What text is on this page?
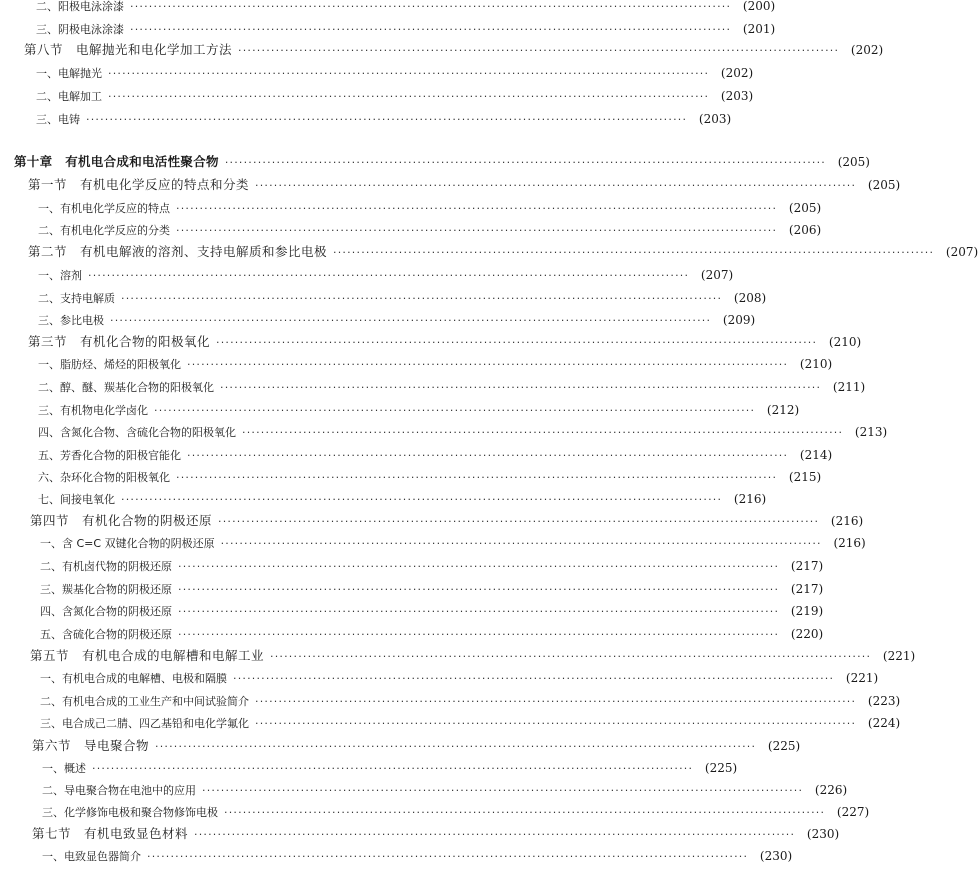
二、阳极电泳涂漆 ·····	(200)
三、阴极电泳涂漆 ·····	(201)
第八节　电解抛光和电化学加工方法 ·····	(202)
一、电解抛光 ·····	(202)
二、电解加工 ·····	(203)
三、电铸 ·····	(203)
第十章　有机电合成和电活性聚合物 ·····	(205)
第一节　有机电化学反应的特点和分类 ·····	(205)
一、有机电化学反应的特点 ·····	(205)
二、有机电化学反应的分类 ·····	(206)
第二节　有机电解液的溶剂、支持电解质和参比电极 ·····	(207)
一、溶剂 ·····	(207)
二、支持电解质 ·····	(208)
三、参比电极 ·····	(209)
第三节　有机化合物的阳极氧化 ·····	(210)
一、脂肪烃、烯烃的阳极氧化 ·····	(210)
二、醇、醚、羰基化合物的阳极氧化 ·····	(211)
三、有机物电化学卤化 ·····	(212)
四、含氮化合物、含硫化合物的阳极氧化 ·····	(213)
五、芳香化合物的阳极官能化 ·····	(214)
六、杂环化合物的阳极氧化 ·····	(215)
七、间接电氧化 ·····	(216)
第四节　有机化合物的阴极还原 ·····	(216)
一、含 C=C 双键化合物的阴极还原 ·····	(216)
二、有机卤代物的阴极还原 ·····	(217)
三、羰基化合物的阴极还原 ·····	(217)
四、含氮化合物的阴极还原 ·····	(219)
五、含硫化合物的阴极还原 ·····	(220)
第五节　有机电合成的电解槽和电解工业 ·····	(221)
一、有机电合成的电解槽、电极和隔膜 ·····	(221)
二、有机电合成的工业生产和中间试验简介 ·····	(223)
三、电合成己二腈、四乙基铅和电化学氟化 ·····	(224)
第六节　导电聚合物 ·····	(225)
一、概述 ·····	(225)
二、导电聚合物在电池中的应用 ·····	(226)
三、化学修饰电极和聚合物修饰电极 ·····	(227)
第七节　有机电致显色材料 ·····	(230)
一、电致显色器简介 ·····	(230)
